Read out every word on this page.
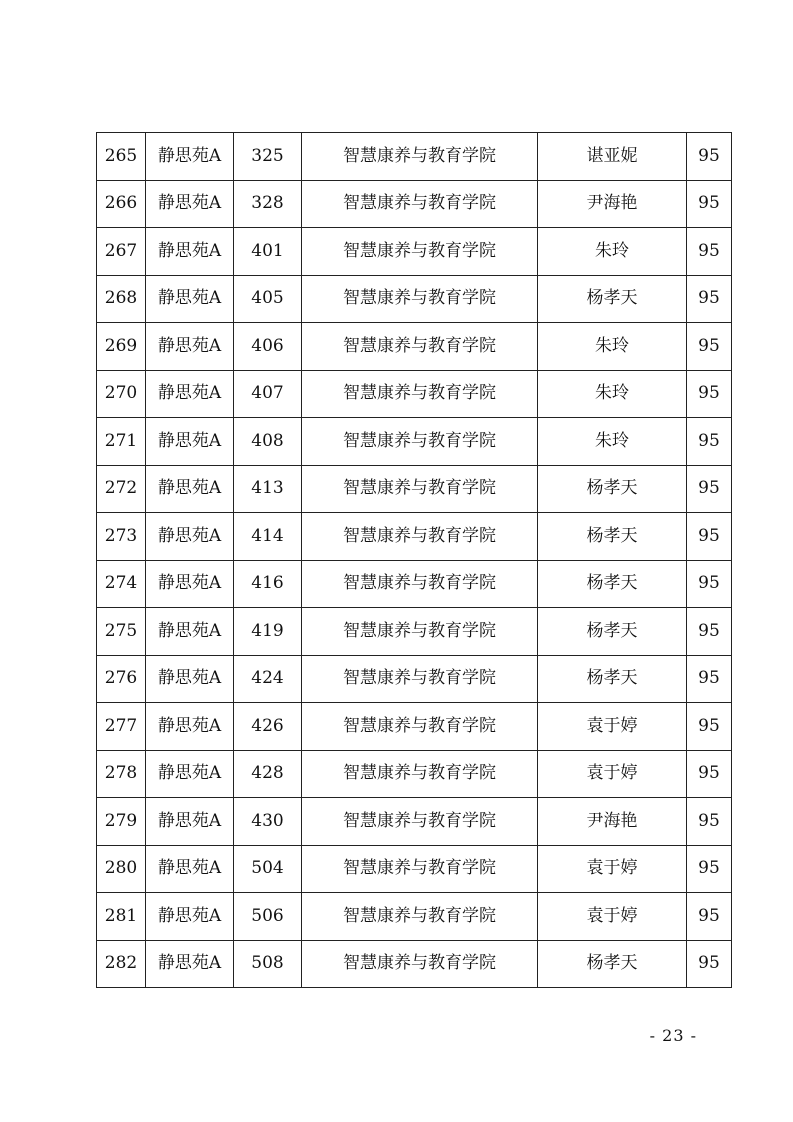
265	静思苑A	325	智慧康养与教育学院	谌亚妮	95
266	静思苑A	328	智慧康养与教育学院	尹海艳	95
267	静思苑A	401	智慧康养与教育学院	朱玲	95
268	静思苑A	405	智慧康养与教育学院	杨孝天	95
269	静思苑A	406	智慧康养与教育学院	朱玲	95
270	静思苑A	407	智慧康养与教育学院	朱玲	95
271	静思苑A	408	智慧康养与教育学院	朱玲	95
272	静思苑A	413	智慧康养与教育学院	杨孝天	95
273	静思苑A	414	智慧康养与教育学院	杨孝天	95
274	静思苑A	416	智慧康养与教育学院	杨孝天	95
275	静思苑A	419	智慧康养与教育学院	杨孝天	95
276	静思苑A	424	智慧康养与教育学院	杨孝天	95
277	静思苑A	426	智慧康养与教育学院	袁于婷	95
278	静思苑A	428	智慧康养与教育学院	袁于婷	95
279	静思苑A	430	智慧康养与教育学院	尹海艳	95
280	静思苑A	504	智慧康养与教育学院	袁于婷	95
281	静思苑A	506	智慧康养与教育学院	袁于婷	95
282	静思苑A	508	智慧康养与教育学院	杨孝天	95
- 23 -
